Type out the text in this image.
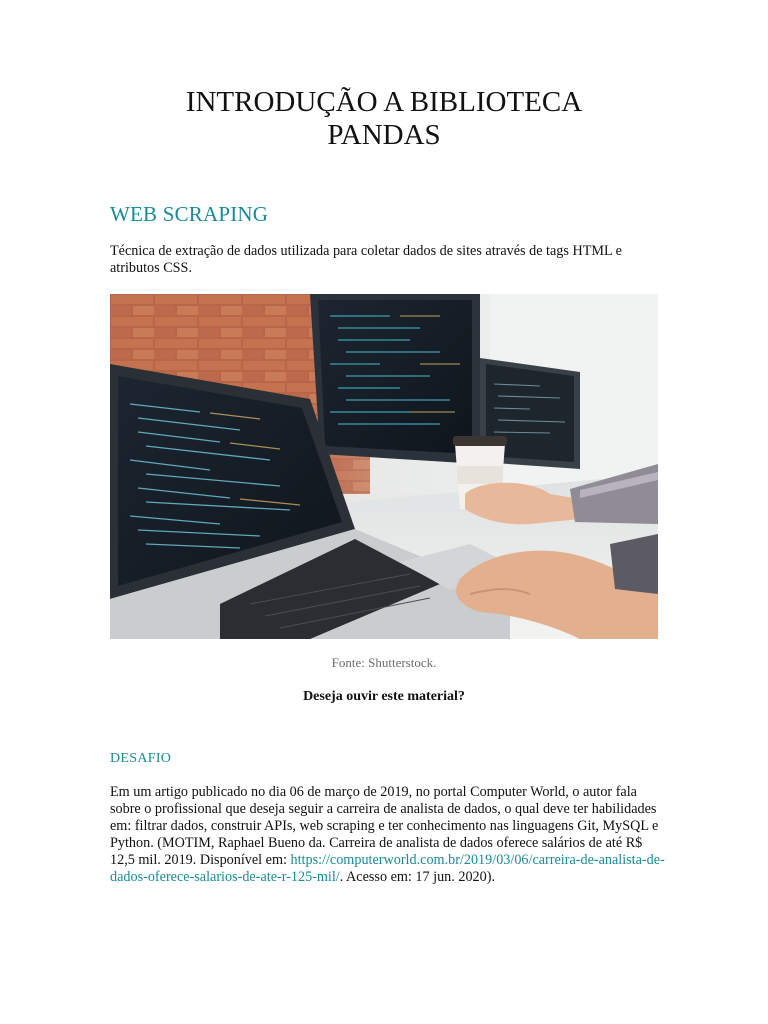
INTRODUÇÃO A BIBLIOTECA
PANDAS
WEB SCRAPING

Técnica de extração de dados utilizada para coletar dados de sites através de tags HTML e atributos CSS.

Fonte: Shutterstock.

Deseja ouvir este material?

DESAFIO

Em um artigo publicado no dia 06 de março de 2019, no portal Computer World, o autor fala sobre o profissional que deseja seguir a carreira de analista de dados, o qual deve ter habilidades em: filtrar dados, construir APIs, web scraping e ter conhecimento nas linguagens Git, MySQL e Python. (MOTIM, Raphael Bueno da. Carreira de analista de dados oferece salários de até R$ 12,5 mil. 2019. Disponível em: https://computerworld.com.br/2019/03/06/carreira-de-analista-de-dados-oferece-salarios-de-ate-r-125-mil/. Acesso em: 17 jun. 2020).
